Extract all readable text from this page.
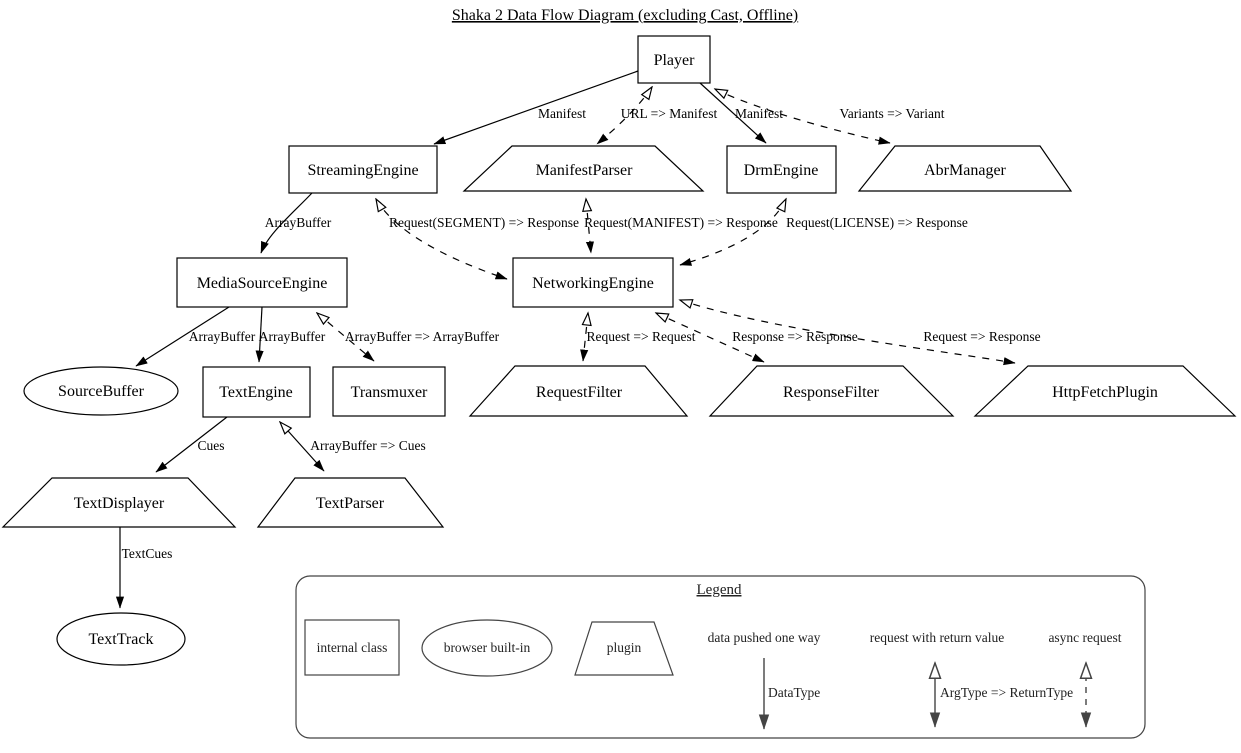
Shaka 2 Data Flow Diagram (excluding Cast, Offline)
Manifest	URL => Manifest Manifest	Variants => Variant
ArrayBuffer	Request(SEGMENT) => Response Request(MANIFEST) => Response Request(LICENSE) => Response
ArrayBuffer ArrayBuffer ArrayBuffer => ArrayBuffer	Request => Request	Response => Response	Request => Response
Cues	ArrayBuffer => Cues
TextCues
Player
StreamingEngine	ManifestParser	DrmEngine	AbrManager
MediaSourceEngine	NetworkingEngine
SourceBuffer	TextEngine	Transmuxer	RequestFilter	ResponseFilter	HttpFetchPlugin
TextDisplayer	TextParser
TextTrack
Legend
internal class	browser built-in	plugin
data pushed one way
DataType
request with return value
ArgType => ReturnType
async request
